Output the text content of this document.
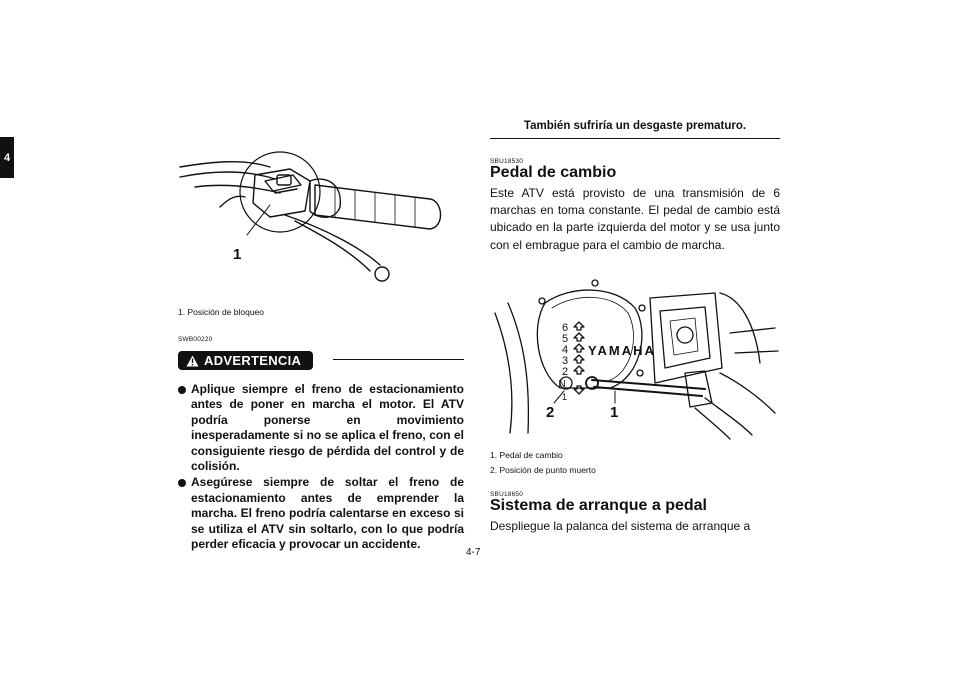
4
1
1. Posición de bloqueo
SWB00220
ADVERTENCIA
Aplique siempre el freno de estacionamiento antes de poner en marcha el motor. El ATV podría ponerse en movimiento inesperadamente si no se aplica el freno, con el consiguiente riesgo de pérdida del control y de colisión.
Asegúrese siempre de soltar el freno de estacionamiento antes de emprender la marcha. El freno podría calentarse en exceso si se utiliza el ATV sin soltarlo, con lo que podría perder eficacia y provocar un accidente.
También sufriría un desgaste prematuro.
SBU18530
Pedal de cambio
Este ATV está provisto de una transmisión de 6 marchas en toma constante. El pedal de cambio está ubicado en la parte izquierda del motor y se usa junto con el embrague para el cambio de marcha.
6
5
4
3
2
N
1
YAMAHA
2	1
1. Pedal de cambio
2. Posición de punto muerto
SBU18650
Sistema de arranque a pedal
Despliegue la palanca del sistema de arranque a
4-7
